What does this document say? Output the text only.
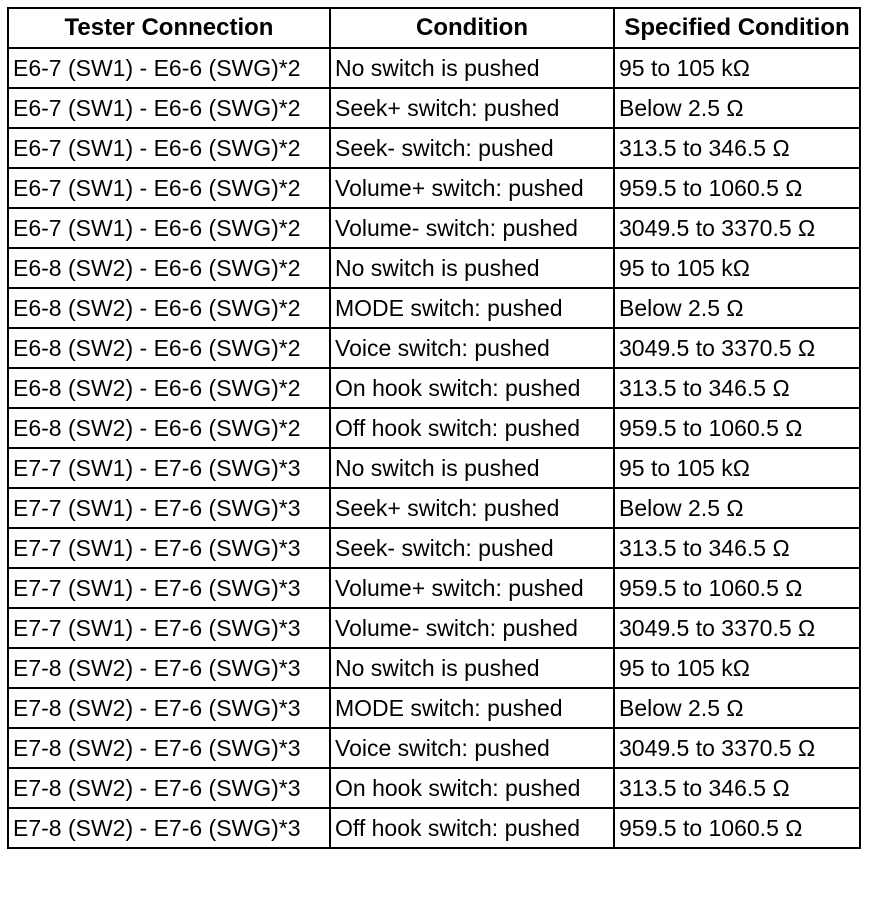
Tester Connection	Condition	Specified Condition
E6-7 (SW1) - E6-6 (SWG)*2	No switch is pushed	95 to 105 kΩ
E6-7 (SW1) - E6-6 (SWG)*2	Seek+ switch: pushed	Below 2.5 Ω
E6-7 (SW1) - E6-6 (SWG)*2	Seek- switch: pushed	313.5 to 346.5 Ω
E6-7 (SW1) - E6-6 (SWG)*2	Volume+ switch: pushed	959.5 to 1060.5 Ω
E6-7 (SW1) - E6-6 (SWG)*2	Volume- switch: pushed	3049.5 to 3370.5 Ω
E6-8 (SW2) - E6-6 (SWG)*2	No switch is pushed	95 to 105 kΩ
E6-8 (SW2) - E6-6 (SWG)*2	MODE switch: pushed	Below 2.5 Ω
E6-8 (SW2) - E6-6 (SWG)*2	Voice switch: pushed	3049.5 to 3370.5 Ω
E6-8 (SW2) - E6-6 (SWG)*2	On hook switch: pushed	313.5 to 346.5 Ω
E6-8 (SW2) - E6-6 (SWG)*2	Off hook switch: pushed	959.5 to 1060.5 Ω
E7-7 (SW1) - E7-6 (SWG)*3	No switch is pushed	95 to 105 kΩ
E7-7 (SW1) - E7-6 (SWG)*3	Seek+ switch: pushed	Below 2.5 Ω
E7-7 (SW1) - E7-6 (SWG)*3	Seek- switch: pushed	313.5 to 346.5 Ω
E7-7 (SW1) - E7-6 (SWG)*3	Volume+ switch: pushed	959.5 to 1060.5 Ω
E7-7 (SW1) - E7-6 (SWG)*3	Volume- switch: pushed	3049.5 to 3370.5 Ω
E7-8 (SW2) - E7-6 (SWG)*3	No switch is pushed	95 to 105 kΩ
E7-8 (SW2) - E7-6 (SWG)*3	MODE switch: pushed	Below 2.5 Ω
E7-8 (SW2) - E7-6 (SWG)*3	Voice switch: pushed	3049.5 to 3370.5 Ω
E7-8 (SW2) - E7-6 (SWG)*3	On hook switch: pushed	313.5 to 346.5 Ω
E7-8 (SW2) - E7-6 (SWG)*3	Off hook switch: pushed	959.5 to 1060.5 Ω
